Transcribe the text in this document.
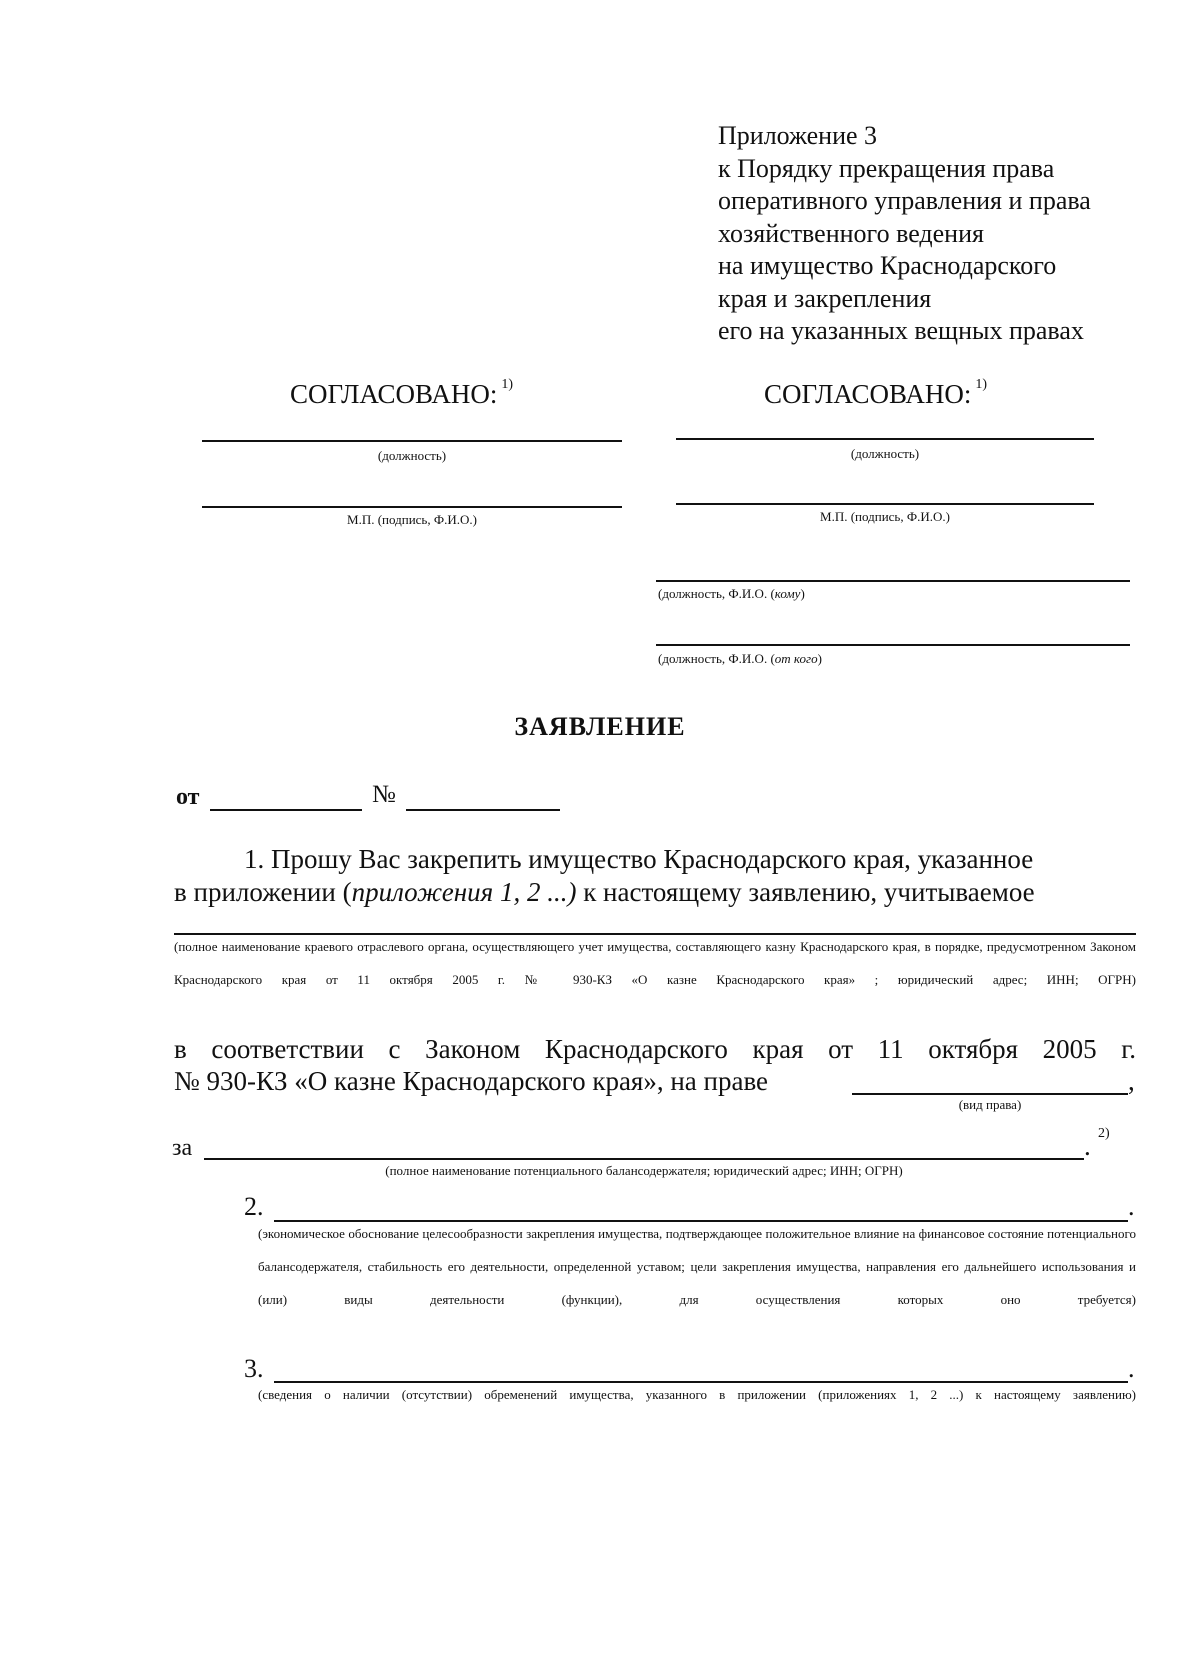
Приложение 3
к Порядку прекращения права
оперативного управления и права
хозяйственного ведения
на имущество Краснодарского
края и закрепления
его на указанных вещных правах
СОГЛАСОВАНО: $^{1)}$
(должность)
М.П. (подпись, Ф.И.О.)
СОГЛАСОВАНО: $^{1)}$
(должность)
М.П. (подпись, Ф.И.О.)
(должность, Ф.И.О. (кому)
(должность, Ф.И.О. (от кого)
ЗАЯВЛЕНИЕ
от	№
1. Прошу Вас закрепить имущество Краснодарского края, указанное
в приложении (приложения 1, 2 ...) к настоящему заявлению, учитываемое
(полное наименование краевого отраслевого органа, осуществляющего учет имущества, составляющего казну Краснодарского края, в порядке, предусмотренном Законом Краснодарского края от 11 октября 2005 г. № 930-КЗ «О казне Краснодарского края» ; юридический адрес; ИНН; ОГРН)
в соответствии с Законом Краснодарского края от 11 октября 2005 г.
№ 930-КЗ «О казне Краснодарского края», на праве	,
(вид права)
за	. 2)
(полное наименование потенциального балансодержателя; юридический адрес; ИНН; ОГРН)
2.	.
(экономическое обоснование целесообразности закрепления имущества, подтверждающее положительное влияние на финансовое состояние потенциального балансодержателя, стабильность его деятельности, определенной уставом; цели закрепления имущества, направления его дальнейшего использования и (или) виды деятельности (функции), для осуществления которых оно требуется)
3.	.
(сведения о наличии (отсутствии) обременений имущества, указанного в приложении (приложениях 1, 2 ...) к настоящему заявлению)
